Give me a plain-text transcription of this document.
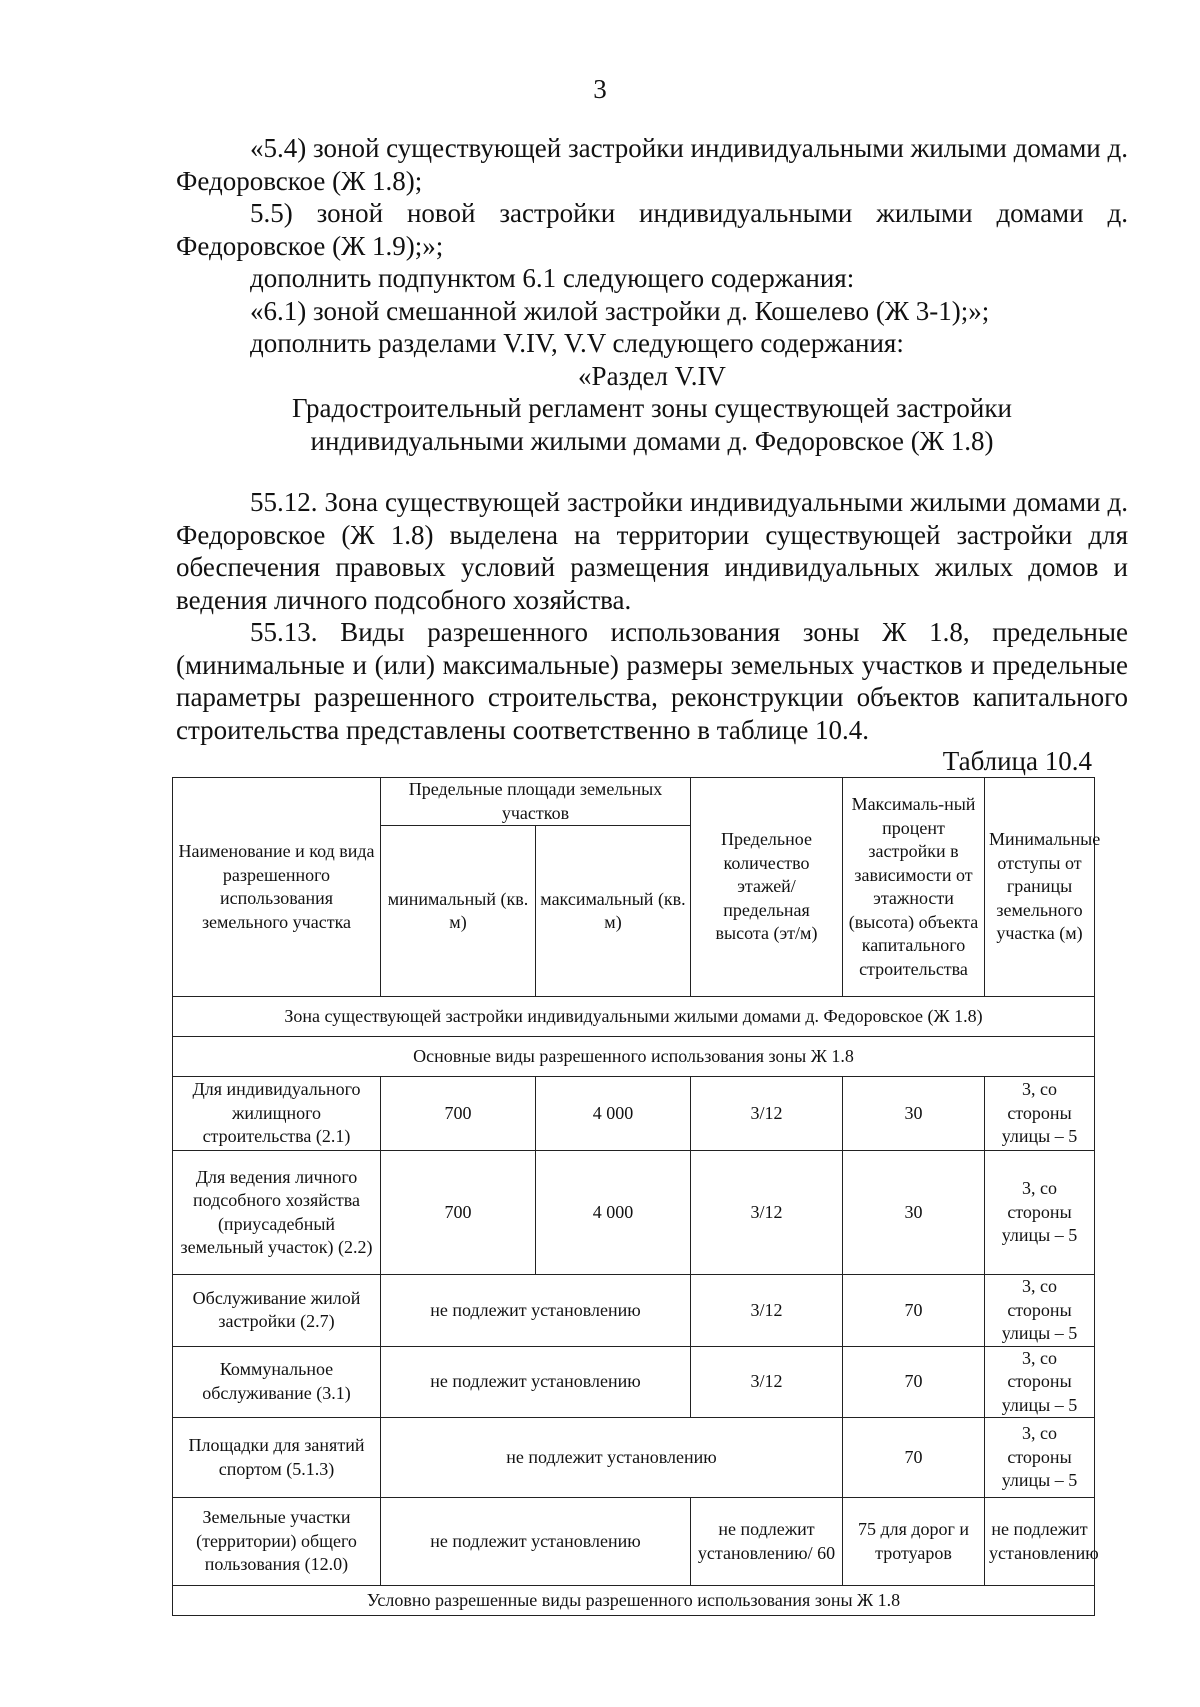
3

«5.4) зоной существующей застройки индивидуальными жилыми домами д. Федоровское (Ж 1.8);

5.5) зоной новой застройки индивидуальными жилыми домами д. Федоровское (Ж 1.9);»;

дополнить подпунктом 6.1 следующего содержания:

«6.1) зоной смешанной жилой застройки д. Кошелево (Ж 3-1);»;

дополнить разделами V.IV, V.V следующего содержания:

«Раздел V.IV

Градостроительный регламент зоны существующей застройки

индивидуальными жилыми домами д. Федоровское (Ж 1.8)

55.12. Зона существующей застройки индивидуальными жилыми домами д. Федоровское (Ж 1.8) выделена на территории существующей застройки для обеспечения правовых условий размещения индивидуальных жилых домов и ведения личного подсобного хозяйства.

55.13. Виды разрешенного использования зоны Ж 1.8, предельные (минимальные и (или) максимальные) размеры земельных участков и предельные параметры разрешенного строительства, реконструкции объектов капитального строительства представлены соответственно в таблице 10.4.

Таблица 10.4
Наименование и код вида разрешенного использования земельного участка	Предельные площади земельных участков		Предельное количество этажей/ предельная высота (эт/м)	Максималь-ный процент застройки в зависимости от этажности (высота) объекта капитального строительства	Минимальные отступы от границы земельного участка (м)
	минимальный (кв. м)	максимальный (кв. м)			
Зона существующей застройки индивидуальными жилыми домами д. Федоровское (Ж 1.8)					
Основные виды разрешенного использования зоны Ж 1.8					
Для индивидуального жилищного строительства (2.1)	700	4 000	3/12	30	3, со стороны улицы – 5
Для ведения личного подсобного хозяйства (приусадебный земельный участок) (2.2)	700	4 000	3/12	30	3, со стороны улицы – 5
Обслуживание жилой застройки (2.7)	не подлежит установлению		3/12	70	3, со стороны улицы – 5
Коммунальное обслуживание (3.1)	не подлежит установлению		3/12	70	3, со стороны улицы – 5
Площадки для занятий спортом (5.1.3)	не подлежит установлению			70	3, со стороны улицы – 5
Земельные участки (территории) общего пользования (12.0)	не подлежит установлению		не подлежит установлению/ 60	75 для дорог и тротуаров	не подлежит установлению
Условно разрешенные виды разрешенного использования зоны Ж 1.8					
